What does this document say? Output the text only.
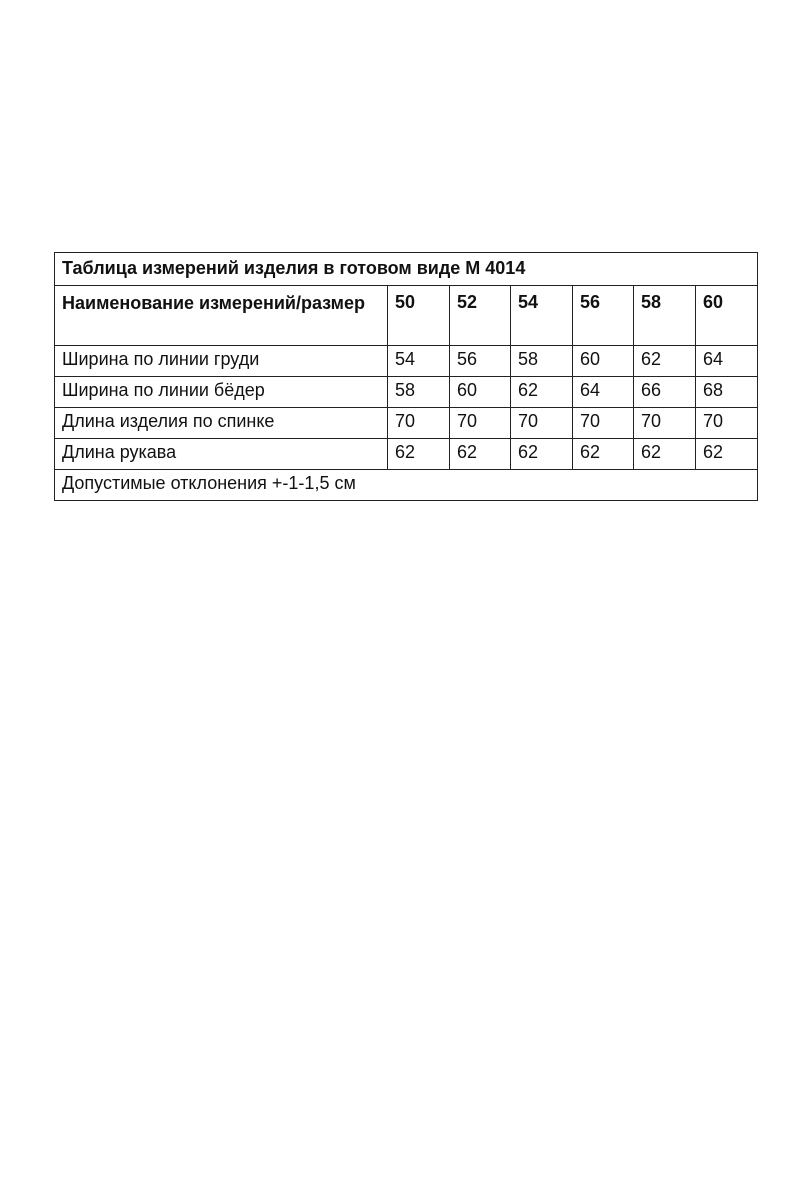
Таблица измерений изделия в готовом виде М 4014						
Наименование измерений/размер	50	52	54	56	58	60
Ширина по линии груди	54	56	58	60	62	64
Ширина по линии бёдер	58	60	62	64	66	68
Длина изделия по спинке	70	70	70	70	70	70
Длина рукава	62	62	62	62	62	62
Допустимые отклонения +-1-1,5 см						
